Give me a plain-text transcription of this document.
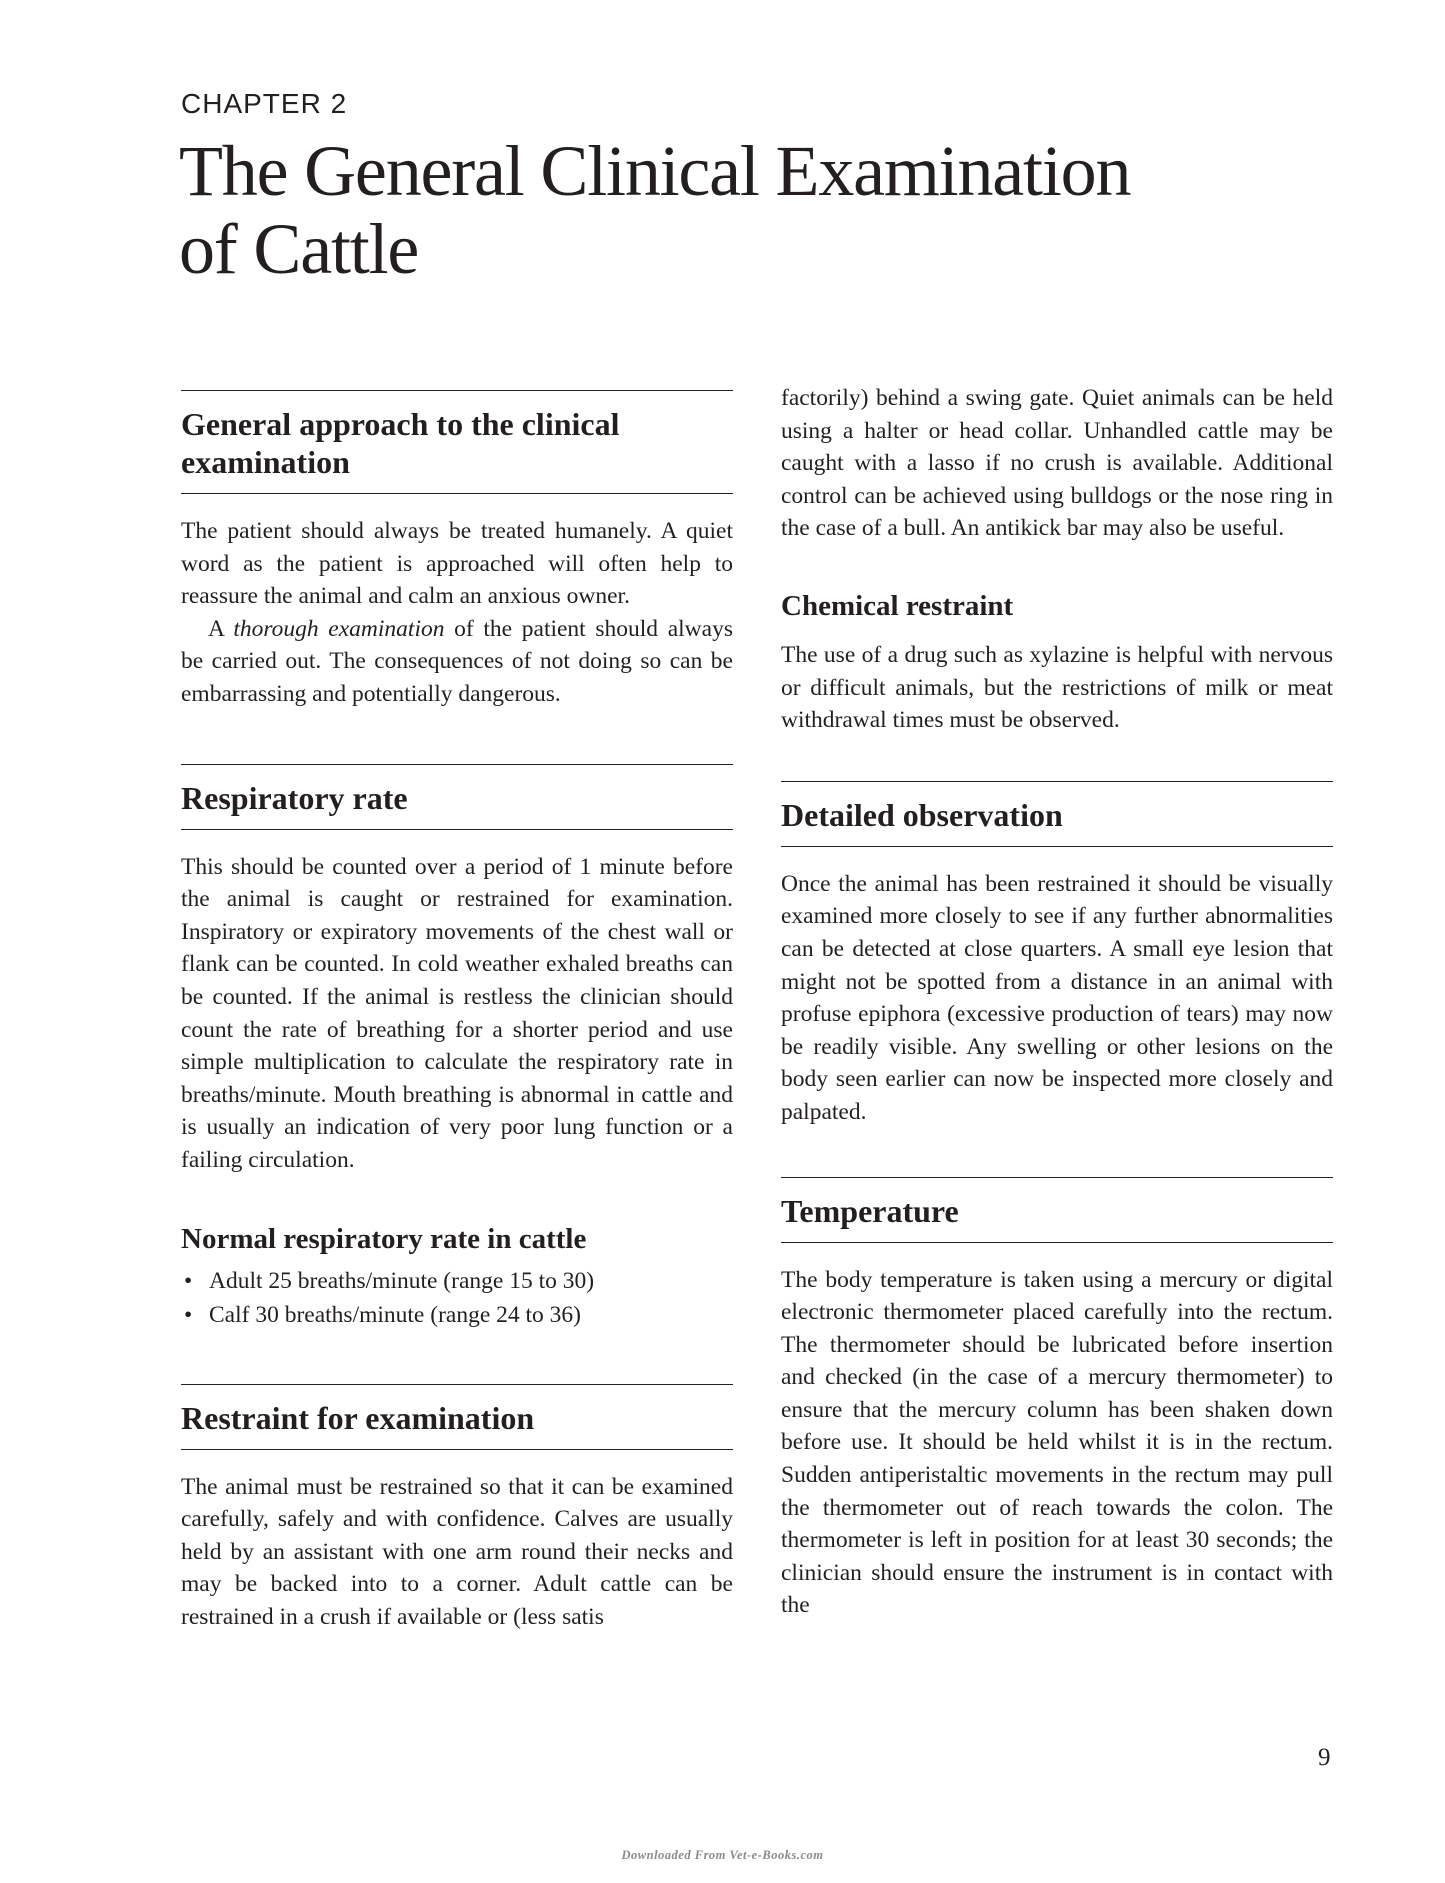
CHAPTER 2
The General Clinical Examination
of Cattle
General approach to the clinical examination

The patient should always be treated humanely. A quiet word as the patient is approached will often help to reassure the animal and calm an anxious owner.

A thorough examination of the patient should always be carried out. The consequences of not doing so can be embarrassing and potentially dangerous.

Respiratory rate

This should be counted over a period of 1 minute before the animal is caught or restrained for examination. Inspiratory or expiratory movements of the chest wall or flank can be counted. In cold weather exhaled breaths can be counted. If the animal is restless the clinician should count the rate of breathing for a shorter period and use simple multiplication to calculate the respiratory rate in breaths/minute. Mouth breathing is abnormal in cattle and is usually an indication of very poor lung function or a failing circulation.

Normal respiratory rate in cattle
• Adult 25 breaths/minute (range 15 to 30)
• Calf 30 breaths/minute (range 24 to 36)
Restraint for examination

The animal must be restrained so that it can be examined carefully, safely and with confidence. Calves are usually held by an assistant with one arm round their necks and may be backed into to a corner. Adult cattle can be restrained in a crush if available or (less satis

factorily) behind a swing gate. Quiet animals can be held using a halter or head collar. Unhandled cattle may be caught with a lasso if no crush is available. Additional control can be achieved using bulldogs or the nose ring in the case of a bull. An antikick bar may also be useful.

Chemical restraint

The use of a drug such as xylazine is helpful with nervous or difficult animals, but the restrictions of milk or meat withdrawal times must be observed.

Detailed observation

Once the animal has been restrained it should be visually examined more closely to see if any further abnormalities can be detected at close quarters. A small eye lesion that might not be spotted from a distance in an animal with profuse epiphora (excessive production of tears) may now be readily visible. Any swelling or other lesions on the body seen earlier can now be inspected more closely and palpated.

Temperature

The body temperature is taken using a mercury or digital electronic thermometer placed carefully into the rectum. The thermometer should be lubricated before insertion and checked (in the case of a mercury thermometer) to ensure that the mercury column has been shaken down before use. It should be held whilst it is in the rectum. Sudden antiperistaltic movements in the rectum may pull the thermometer out of reach towards the colon. The thermometer is left in position for at least 30 seconds; the clinician should ensure the instrument is in contact with the

9
Downloaded From Vet-e-Books.com
